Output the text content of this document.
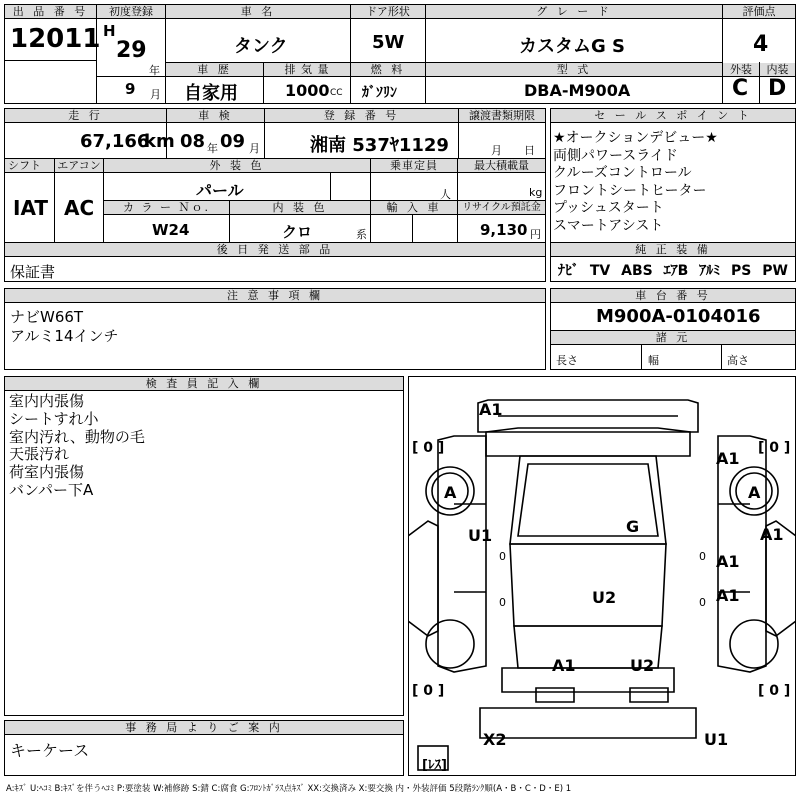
出 品 番 号
12011
初度登録
H
29
年
9 月
車 名
タンク
ドア形状
5W
グ レ ー ド
カスタムG S
評価点
4
車 歴
自家用
排 気 量
1000 CC
燃 料
ｶﾞｿﾘﾝ
型 式
DBA-M900A
外装	内装
C D
走 行
67,166
km
車 検
08 年 09 月
登 録 番 号
湘南 537ﾔ1129
譲渡書類期限
月 日
シフト	エアコン
IAT AC
外 装 色
パール
乗車定員
人
最大積載量
kg
カ ラ ー Ｎｏ.
W24
内 装 色
クロ	系
輸 入 車	リサイクル預託金
9,130 円
後 日 発 送 部 品
保証書
セ ー ル ス ポ イ ン ト
★オークションデビュー★
両側パワースライド
クルーズコントロール
フロントシートヒーター
プッシュスタート
スマートアシスト
純 正 装 備
ﾅﾋﾞ TV ABS ｴｱB ｱﾙﾐ PS PW
注 意 事 項 欄
ナビW66T
アルミ14インチ
車 台 番 号
M900A-0104016
諸 元
長さ	幅	高さ
検 査 員 記 入 欄
室内内張傷
シートすれ小
室内汚れ、動物の毛
天張汚れ
荷室内張傷
バンパー下A
事 務 局 よ り ご 案 内
キーケース
A1
A1
A	A
G
U1	A1
A1
A1
U2
A1	U2
X2	U1
[ 0 ]	[ 0 ]
[ 0 ]	[ 0 ]
0
0
0
0
[ﾚｽ]
A:ｷｽﾞ U:ﾍｺﾐ B:ｷｽﾞを伴うﾍｺﾐ P:要塗装 W:補修跡 S:錆 C:腐食 G:ﾌﾛﾝﾄｶﾞﾗｽ点ｷｽﾞ XX:交換済み X:要交換 内・外装評価 5段階ﾗﾝｸ順(A・B・C・D・E) 1
